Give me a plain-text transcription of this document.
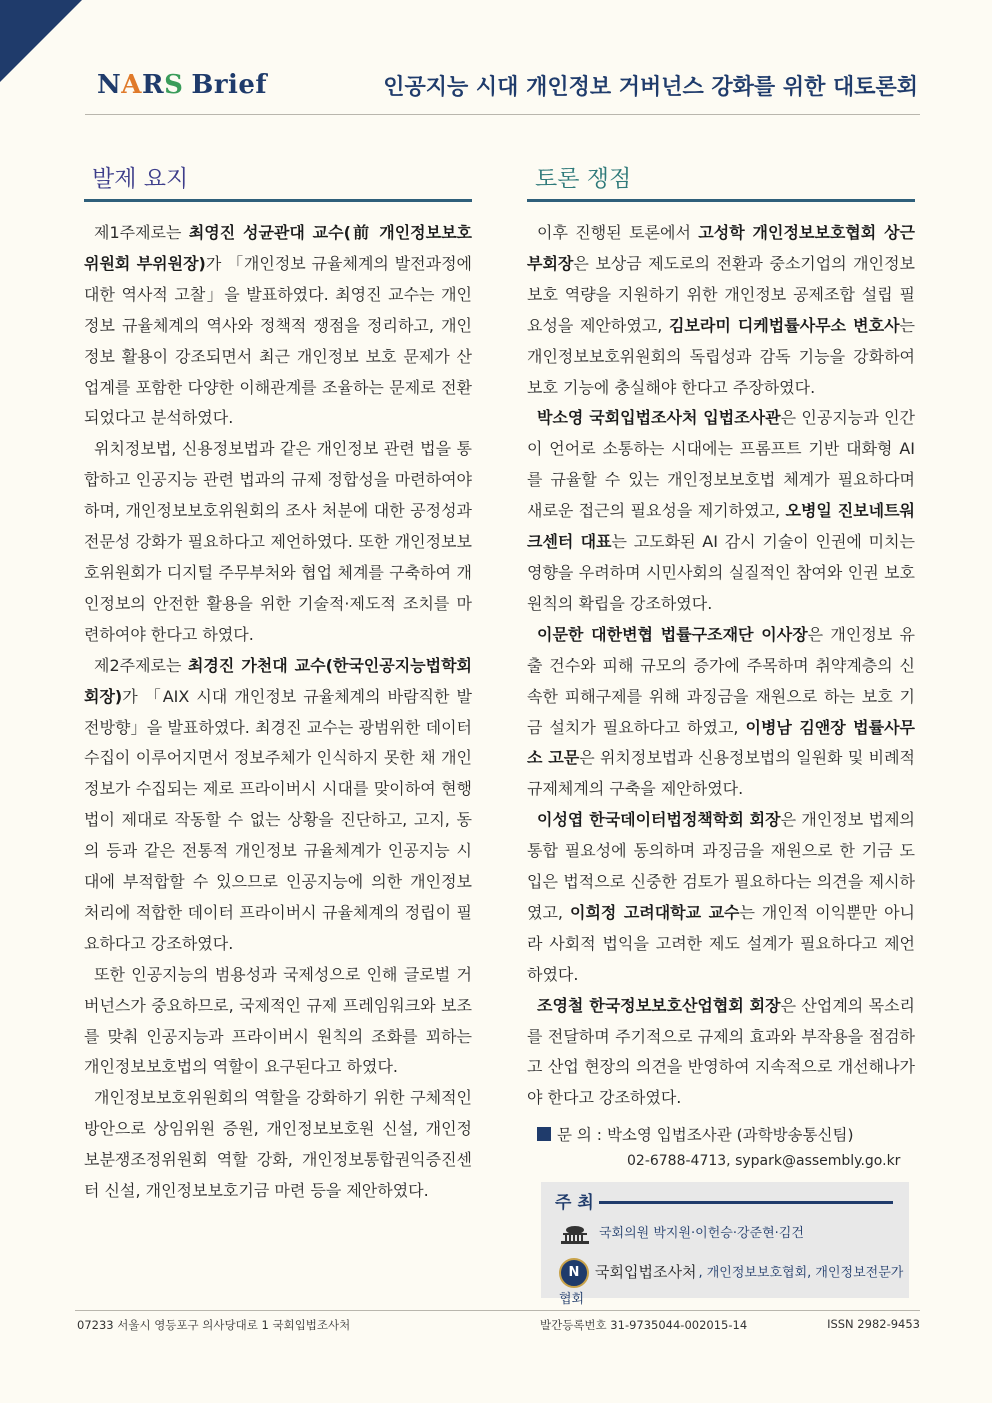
NARS Brief	인공지능 시대 개인정보 거버넌스 강화를 위한 대토론회
발제 요지

제1주제로는 최영진 성균관대 교수(前 개인정보보호위원회 부위원장)가 「개인정보 규율체계의 발전과정에 대한 역사적 고찰」을 발표하였다. 최영진 교수는 개인정보 규율체계의 역사와 정책적 쟁점을 정리하고, 개인정보 활용이 강조되면서 최근 개인정보 보호 문제가 산업계를 포함한 다양한 이해관계를 조율하는 문제로 전환되었다고 분석하였다.

위치정보법, 신용정보법과 같은 개인정보 관련 법을 통합하고 인공지능 관련 법과의 규제 정합성을 마련하여야 하며, 개인정보보호위원회의 조사 처분에 대한 공정성과 전문성 강화가 필요하다고 제언하였다. 또한 개인정보보호위원회가 디지털 주무부처와 협업 체계를 구축하여 개인정보의 안전한 활용을 위한 기술적·제도적 조치를 마련하여야 한다고 하였다.

제2주제로는 최경진 가천대 교수(한국인공지능법학회 회장)가 「AIX 시대 개인정보 규율체계의 바람직한 발전방향」을 발표하였다. 최경진 교수는 광범위한 데이터 수집이 이루어지면서 정보주체가 인식하지 못한 채 개인정보가 수집되는 제로 프라이버시 시대를 맞이하여 현행법이 제대로 작동할 수 없는 상황을 진단하고, 고지, 동의 등과 같은 전통적 개인정보 규율체계가 인공지능 시대에 부적합할 수 있으므로 인공지능에 의한 개인정보 처리에 적합한 데이터 프라이버시 규율체계의 정립이 필요하다고 강조하였다.

또한 인공지능의 범용성과 국제성으로 인해 글로벌 거버넌스가 중요하므로, 국제적인 규제 프레임워크와 보조를 맞춰 인공지능과 프라이버시 원칙의 조화를 꾀하는 개인정보보호법의 역할이 요구된다고 하였다.

개인정보보호위원회의 역할을 강화하기 위한 구체적인 방안으로 상임위원 증원, 개인정보보호원 신설, 개인정보분쟁조정위원회 역할 강화, 개인정보통합권익증진센터 신설, 개인정보보호기금 마련 등을 제안하였다.

토론 쟁점

이후 진행된 토론에서 고성학 개인정보보호협회 상근부회장은 보상금 제도로의 전환과 중소기업의 개인정보 보호 역량을 지원하기 위한 개인정보 공제조합 설립 필요성을 제안하였고, 김보라미 디케법률사무소 변호사는 개인정보보호위원회의 독립성과 감독 기능을 강화하여 보호 기능에 충실해야 한다고 주장하였다.

박소영 국회입법조사처 입법조사관은 인공지능과 인간이 언어로 소통하는 시대에는 프롬프트 기반 대화형 AI를 규율할 수 있는 개인정보보호법 체계가 필요하다며 새로운 접근의 필요성을 제기하였고, 오병일 진보네트워크센터 대표는 고도화된 AI 감시 기술이 인권에 미치는 영향을 우려하며 시민사회의 실질적인 참여와 인권 보호 원칙의 확립을 강조하였다.

이문한 대한변협 법률구조재단 이사장은 개인정보 유출 건수와 피해 규모의 증가에 주목하며 취약계층의 신속한 피해구제를 위해 과징금을 재원으로 하는 보호 기금 설치가 필요하다고 하였고, 이병남 김앤장 법률사무소 고문은 위치정보법과 신용정보법의 일원화 및 비례적 규제체계의 구축을 제안하였다.

이성엽 한국데이터법정책학회 회장은 개인정보 법제의 통합 필요성에 동의하며 과징금을 재원으로 한 기금 도입은 법적으로 신중한 검토가 필요하다는 의견을 제시하였고, 이희정 고려대학교 교수는 개인적 이익뿐만 아니라 사회적 법익을 고려한 제도 설계가 필요하다고 제언하였다.

조영철 한국정보보호산업협회 회장은 산업계의 목소리를 전달하며 주기적으로 규제의 효과와 부작용을 점검하고 산업 현장의 의견을 반영하여 지속적으로 개선해나가야 한다고 강조하였다.

문 의 : 박소영 입법조사관 (과학방송통신팀)
02-6788-4713, sypark@assembly.go.kr
주 최
국회의원 박지원·이헌승·강준현·김건
N 국회입법조사처 , 개인정보보호협회, 개인정보전문가협회
07233 서울시 영등포구 의사당대로 1 국회입법조사처	발간등록번호 31-9735044-002015-14	ISSN 2982-9453
